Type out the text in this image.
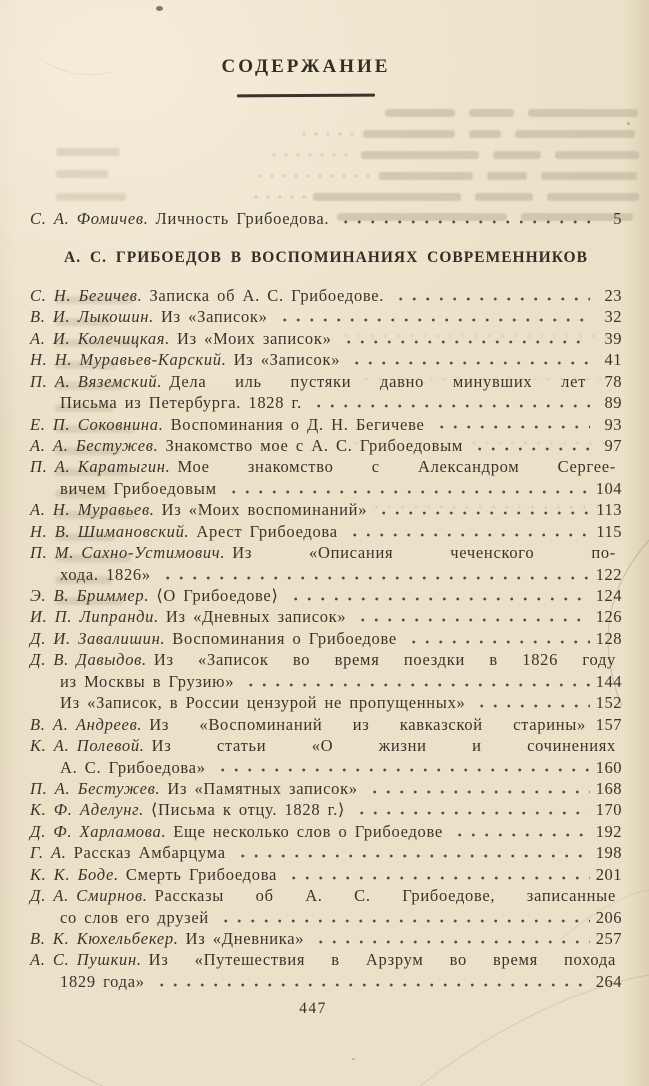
СОДЕРЖАНИЕ
С. А. Фомичев. Личность Грибоедова.	5
А. С. ГРИБОЕДОВ В ВОСПОМИНАНИЯХ СОВРЕМЕННИКОВ
С. Н. Бегичев. Записка об А. С. Грибоедове.	23
В. И. Лыкошин. Из «Записок»	32
А. И. Колечицкая. Из «Моих записок»	39
Н. Н. Муравьев-Карский. Из «Записок»	41
П. А. Вяземский. Дела иль пустяки давно минувших лет	78
Письма из Петербурга. 1828 г.	89
Е. П. Соковнина. Воспоминания о Д. Н. Бегичеве	93
А. А. Бестужев. Знакомство мое с А. С. Грибоедовым	97
П. А. Каратыгин. Мое знакомство с Александром Сергее-
вичем Грибоедовым	104
А. Н. Муравьев. Из «Моих воспоминаний»	113
Н. В. Шимановский. Арест Грибоедова	115
П. М. Сахно-Устимович. Из «Описания чеченского по-
хода. 1826»	122
Э. В. Бриммер. ⟨О Грибоедове⟩	124
И. П. Липранди. Из «Дневных записок»	126
Д. И. Завалишин. Воспоминания о Грибоедове	128
Д. В. Давыдов. Из «Записок во время поездки в 1826 году
из Москвы в Грузию»	144
Из «Записок, в России цензурой не пропущенных»	152
В. А. Андреев. Из «Воспоминаний из кавказской старины» 157
К. А. Полевой. Из статьи «О жизни и сочинениях
А. С. Грибоедова»	160
П. А. Бестужев. Из «Памятных записок»	168
К. Ф. Аделунг. ⟨Письма к отцу. 1828 г.⟩	170
Д. Ф. Харламова. Еще несколько слов о Грибоедове	192
Г. А. Рассказ Амбарцума	198
К. К. Боде. Смерть Грибоедова	201
Д. А. Смирнов. Рассказы об А. С. Грибоедове, записанные
со слов его друзей	206
В. К. Кюхельбекер. Из «Дневника»	257
А. С. Пушкин. Из «Путешествия в Арзрум во время похода
1829 года»	264
447
